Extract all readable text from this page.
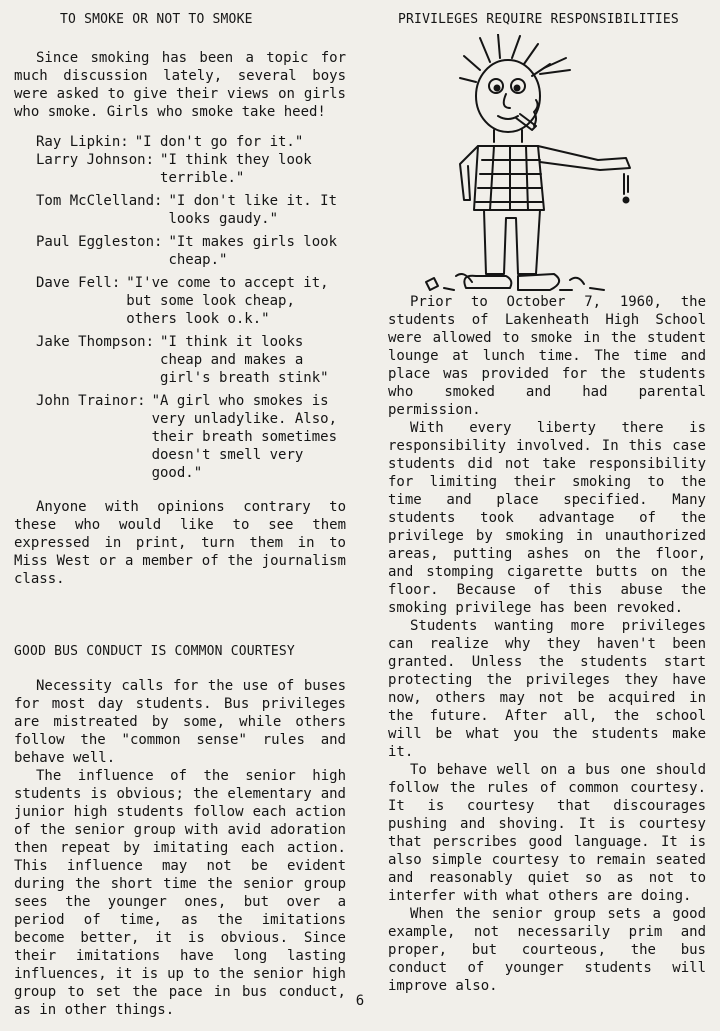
TO SMOKE OR NOT TO SMOKE

Since smoking has been a topic for much discussion lately, several boys were asked to give their views on girls who smoke. Girls who smoke take heed!

Ray Lipkin: "I don't go for it."
Larry Johnson: "I think they look terrible."
Tom McClelland: "I don't like it. It looks gaudy."
Paul Eggleston: "It makes girls look cheap."
Dave Fell: "I've come to accept it, but some look cheap, others look o.k."
Jake Thompson: "I think it looks cheap and makes a girl's breath stink"
John Trainor: "A girl who smokes is very unladylike. Also, their breath sometimes doesn't smell very good."

Anyone with opinions contrary to these who would like to see them expressed in print, turn them in to Miss West or a member of the journalism class.

GOOD BUS CONDUCT IS COMMON COURTESY

Necessity calls for the use of buses for most day students. Bus privileges are mistreated by some, while others follow the "common sense" rules and behave well.

The influence of the senior high students is obvious; the elementary and junior high students follow each action of the senior group with avid adoration then repeat by imitating each action. This influence may not be evident during the short time the senior group sees the younger ones, but over a period of time, as the imitations become better, it is obvious. Since their imitations have long lasting influences, it is up to the senior high group to set the pace in bus conduct, as in other things.

PRIVILEGES REQUIRE RESPONSIBILITIES

Prior to October 7, 1960, the students of Lakenheath High School were allowed to smoke in the student lounge at lunch time. The time and place was provided for the students who smoked and had parental permission.

With every liberty there is responsibility involved. In this case students did not take responsibility for limiting their smoking to the time and place specified. Many students took advantage of the privilege by smoking in unauthorized areas, putting ashes on the floor, and stomping cigarette butts on the floor. Because of this abuse the smoking privilege has been revoked.

Students wanting more privileges can realize why they haven't been granted. Unless the students start protecting the privileges they have now, others may not be acquired in the future. After all, the school will be what you the students make it.

To behave well on a bus one should follow the rules of common courtesy. It is courtesy that discourages pushing and shoving. It is courtesy that perscribes good language. It is also simple courtesy to remain seated and reasonably quiet so as not to interfer with what others are doing.

When the senior group sets a good example, not necessarily prim and proper, but courteous, the bus conduct of younger students will improve also.

6
